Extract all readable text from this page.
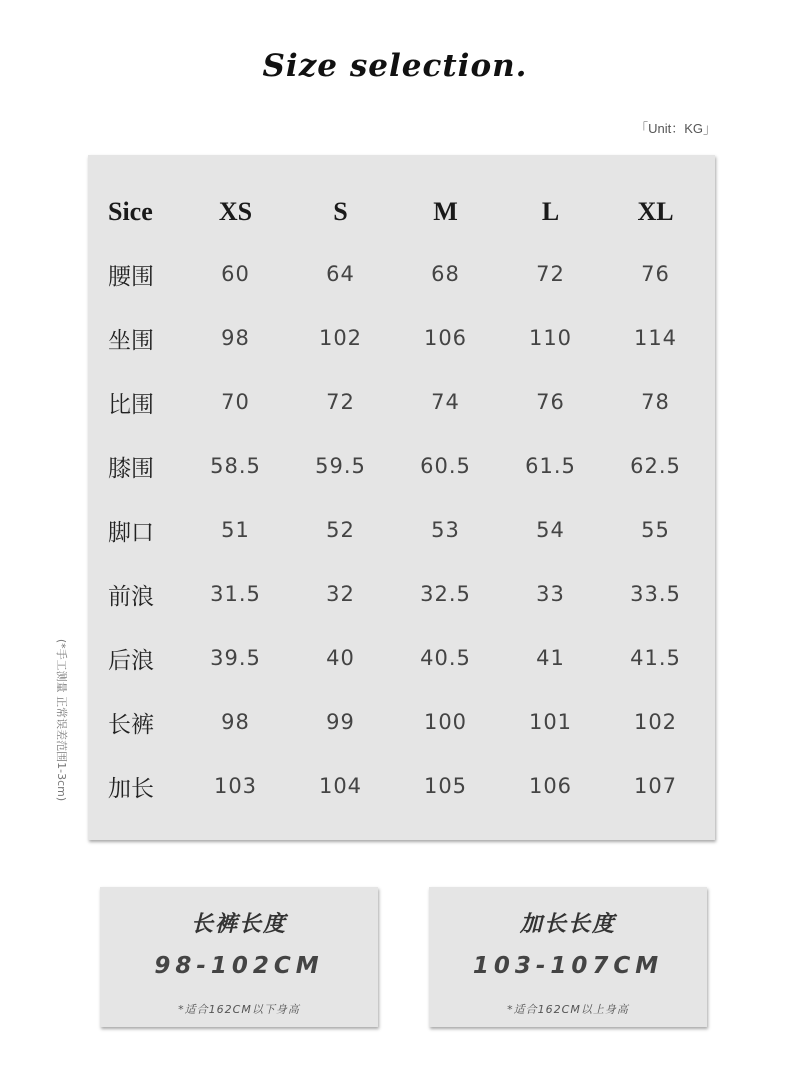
Size selection.
「Unit：KG」
(*手工测量 正常误差范围1-3cm)
Sice	XS	S	M	L	XL
腰围	60	64	68	72	76
坐围	98	102	106	110	114
比围	70	72	74	76	78
膝围	58.5	59.5	60.5	61.5	62.5
脚口	51	52	53	54	55
前浪	31.5	32	32.5	33	33.5
后浪	39.5	40	40.5	41	41.5
长裤	98	99	100	101	102
加长	103	104	105	106	107
长裤长度
98-102CM
*适合162CM以下身高
加长长度
103-107CM
*适合162CM以上身高
